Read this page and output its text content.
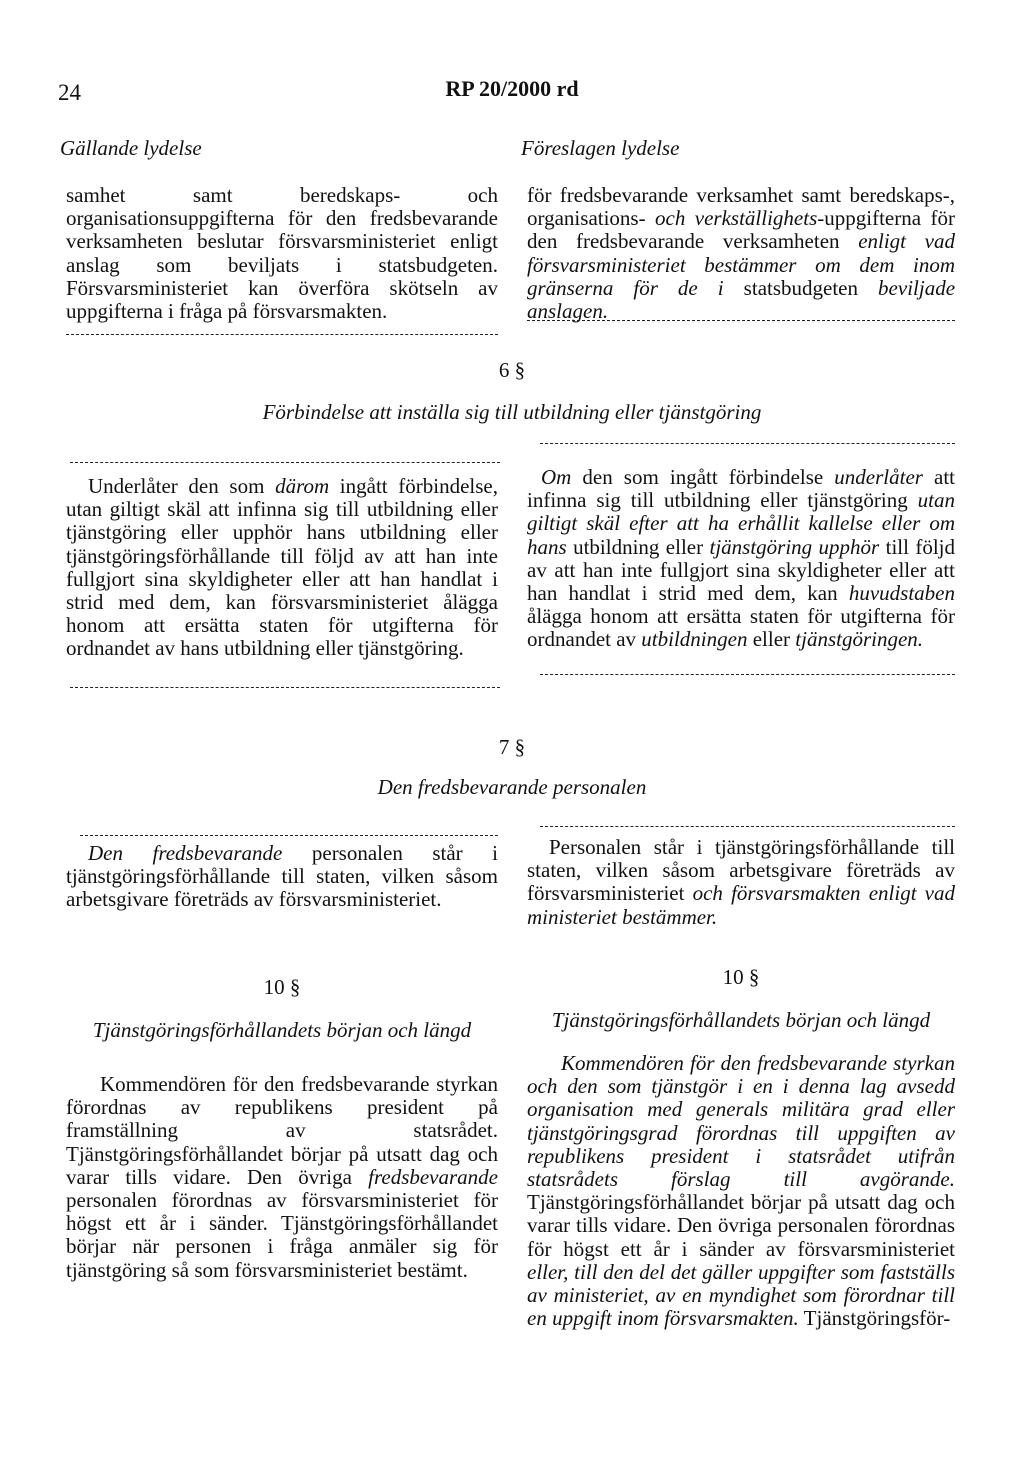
24	RP 20/2000 rd
Gällande lydelse	Föreslagen lydelse

samhet samt beredskaps- och organisationsuppgifterna för den fredsbevarande verksamheten beslutar försvarsministeriet enligt anslag som beviljats i statsbudgeten. Försvarsministeriet kan överföra skötseln av uppgifterna i fråga på försvarsmakten.

för fredsbevarande verksamhet samt beredskaps-, organisations- och verkställighets-uppgifterna för den fredsbevarande verksamheten enligt vad försvarsministeriet bestämmer om dem inom gränserna för de i statsbudgeten beviljade anslagen.

6 §
Förbindelse att inställa sig till utbildning eller tjänstgöring

Underlåter den som därom ingått förbindelse, utan giltigt skäl att infinna sig till utbildning eller tjänstgöring eller upphör hans utbildning eller tjänstgöringsförhållande till följd av att han inte fullgjort sina skyldigheter eller att han handlat i strid med dem, kan försvarsministeriet ålägga honom att ersätta staten för utgifterna för ordnandet av hans utbildning eller tjänstgöring.

Om den som ingått förbindelse underlåter att infinna sig till utbildning eller tjänstgöring utan giltigt skäl efter att ha erhållit kallelse eller om hans utbildning eller tjänstgöring upphör till följd av att han inte fullgjort sina skyldigheter eller att han handlat i strid med dem, kan huvudstaben ålägga honom att ersätta staten för utgifterna för ordnandet av utbildningen eller tjänstgöringen.

7 §
Den fredsbevarande personalen

Den fredsbevarande personalen står i tjänstgöringsförhållande till staten, vilken såsom arbetsgivare företräds av försvarsministeriet.

Personalen står i tjänstgöringsförhållande till staten, vilken såsom arbetsgivare företräds av försvarsministeriet och försvarsmakten enligt vad ministeriet bestämmer.

10 §	10 §
Tjänstgöringsförhållandets början och längd	Tjänstgöringsförhållandets början och längd

Kommendören för den fredsbevarande styrkan förordnas av republikens president på framställning av statsrådet. Tjänstgöringsförhållandet börjar på utsatt dag och varar tills vidare. Den övriga fredsbevarande personalen förordnas av försvarsministeriet för högst ett år i sänder. Tjänstgöringsförhållandet börjar när personen i fråga anmäler sig för tjänstgöring så som försvarsministeriet bestämt.

Kommendören för den fredsbevarande styrkan och den som tjänstgör i en i denna lag avsedd organisation med generals militära grad eller tjänstgöringsgrad förordnas till uppgiften av republikens president i statsrådet utifrån statsrådets förslag till avgörande. Tjänstgöringsförhållandet börjar på utsatt dag och varar tills vidare. Den övriga personalen förordnas för högst ett år i sänder av försvarsministeriet eller, till den del det gäller uppgifter som fastställs av ministeriet, av en myndighet som förordnar till en uppgift inom försvarsmakten. Tjänstgöringsför-
